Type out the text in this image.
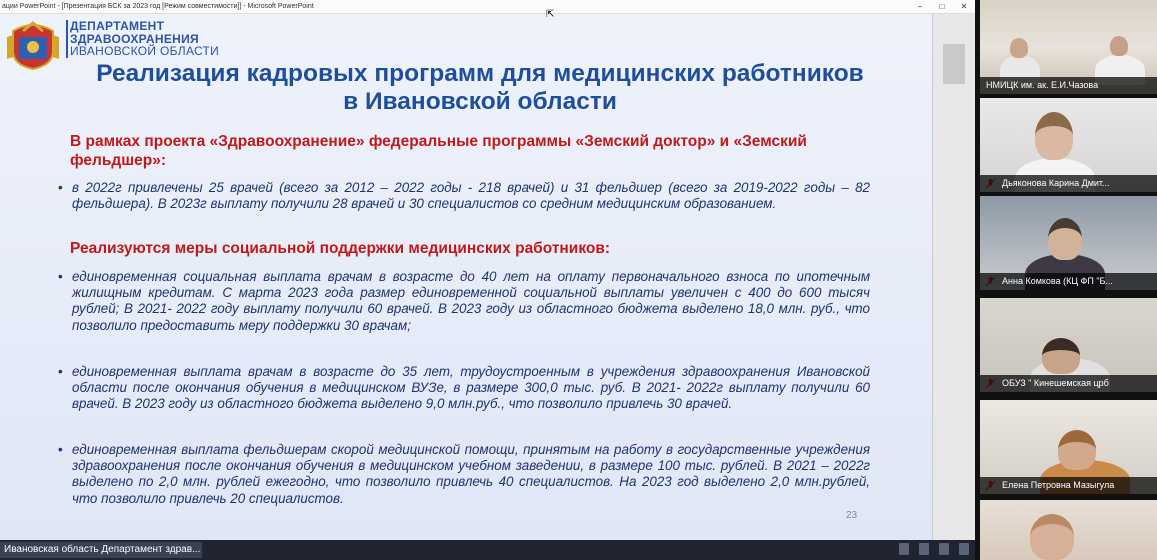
ации PowerPoint - [Презентация БСК за 2023 год [Режим совместимости]] - Microsoft PowerPoint	–	□	✕
ДЕПАРТАМЕНТ
ЗДРАВООХРАНЕНИЯ
ИВАНОВСКОЙ ОБЛАСТИ
Реализация кадровых программ для медицинских работников
в Ивановской области
В рамках проекта «Здравоохранение» федеральные программы «Земский доктор» и «Земский фельдшер»:
• в 2022г привлечены 25 врачей (всего за 2012 – 2022 годы - 218 врачей) и 31 фельдшер (всего за 2019-2022 годы – 82 фельдшера). В 2023г выплату получили 28 врачей и 30 специалистов со средним медицинским образованием.
Реализуются меры социальной поддержки медицинских работников:
• единовременная социальная выплата врачам в возрасте до 40 лет на оплату первоначального взноса по ипотечным жилищным кредитам. С марта 2023 года размер единовременной социальной выплаты увеличен с 400 до 600 тысяч рублей; В 2021- 2022 году выплату получили 60 врачей. В 2023 году из областного бюджета выделено 18,0 млн. руб., что позволило предоставить меру поддержки 30 врачам;
• единовременная выплата врачам в возрасте до 35 лет, трудоустроенным в учреждения здравоохранения Ивановской области после окончания обучения в медицинском ВУЗе, в размере 300,0 тыс. руб. В 2021- 2022г выплату получили 60 врачей. В 2023 году из областного бюджета выделено 9,0 млн.руб., что позволило привлечь 30 врачей.
• единовременная выплата фельдшерам скорой медицинской помощи, принятым на работу в государственные учреждения здравоохранения после окончания обучения в медицинском учебном заведении, в размере 100 тыс. рублей. В 2021 – 2022г выделено по 2,0 млн. рублей ежегодно, что позволило привлечь 40 специалистов. На 2023 год выделено 2,0 млн.рублей, что позволило привлечь 20 специалистов.
23
⇱
Ивановская область Департамент здрав...
НМИЦК им. ак. Е.И.Чазова
Дьяконова Карина Дмит...
Анна Комкова (КЦ ФП "Б...
ОБУЗ " Кинешемская црб
Елена Петровна Мазыгула
